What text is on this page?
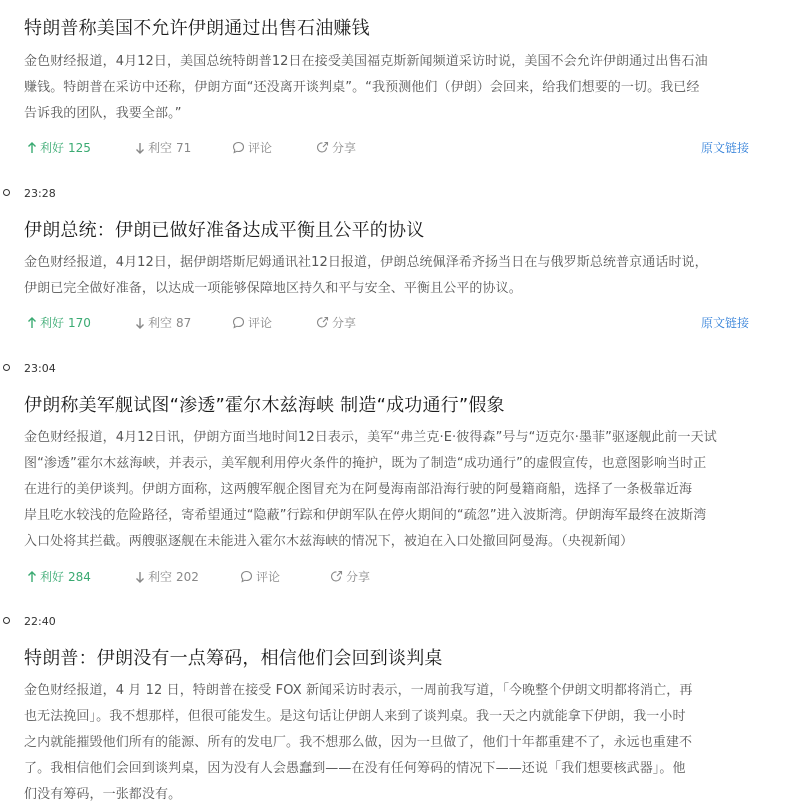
特朗普称美国不允许伊朗通过出售石油赚钱
金色财经报道，4月12日，美国总统特朗普12日在接受美国福克斯新闻频道采访时说，美国不会允许伊朗通过出售石油
赚钱。特朗普在采访中还称，伊朗方面“还没离开谈判桌”。“我预测他们（伊朗）会回来，给我们想要的一切。我已经
告诉我的团队，我要全部。”
利好 125	利空 71	评论	分享	原文链接
23:28
伊朗总统：伊朗已做好准备达成平衡且公平的协议
金色财经报道，4月12日，据伊朗塔斯尼姆通讯社12日报道，伊朗总统佩泽希齐扬当日在与俄罗斯总统普京通话时说，
伊朗已完全做好准备，以达成一项能够保障地区持久和平与安全、平衡且公平的协议。
利好 170	利空 87	评论	分享	原文链接
23:04
伊朗称美军舰试图“渗透”霍尔木兹海峡 制造“成功通行”假象
金色财经报道，4月12日讯，伊朗方面当地时间12日表示，美军“弗兰克·E·彼得森”号与“迈克尔·墨菲”驱逐舰此前一天试
图“渗透”霍尔木兹海峡，并表示，美军舰利用停火条件的掩护，既为了制造“成功通行”的虚假宣传，也意图影响当时正
在进行的美伊谈判。伊朗方面称，这两艘军舰企图冒充为在阿曼海南部沿海行驶的阿曼籍商船，选择了一条极靠近海
岸且吃水较浅的危险路径，寄希望通过“隐蔽”行踪和伊朗军队在停火期间的“疏忽”进入波斯湾。伊朗海军最终在波斯湾
入口处将其拦截。两艘驱逐舰在未能进入霍尔木兹海峡的情况下，被迫在入口处撤回阿曼海。（央视新闻）
利好 284	利空 202	评论	分享
22:40
特朗普：伊朗没有一点筹码，相信他们会回到谈判桌
金色财经报道，4 月 12 日，特朗普在接受 FOX 新闻采访时表示，一周前我写道，「今晚整个伊朗文明都将消亡，再
也无法挽回」。我不想那样，但很可能发生。是这句话让伊朗人来到了谈判桌。我一天之内就能拿下伊朗，我一小时
之内就能摧毁他们所有的能源、所有的发电厂。我不想那么做，因为一旦做了，他们十年都重建不了，永远也重建不
了。我相信他们会回到谈判桌，因为没有人会愚蠢到——在没有任何筹码的情况下——还说「我们想要核武器」。他
们没有筹码，一张都没有。
